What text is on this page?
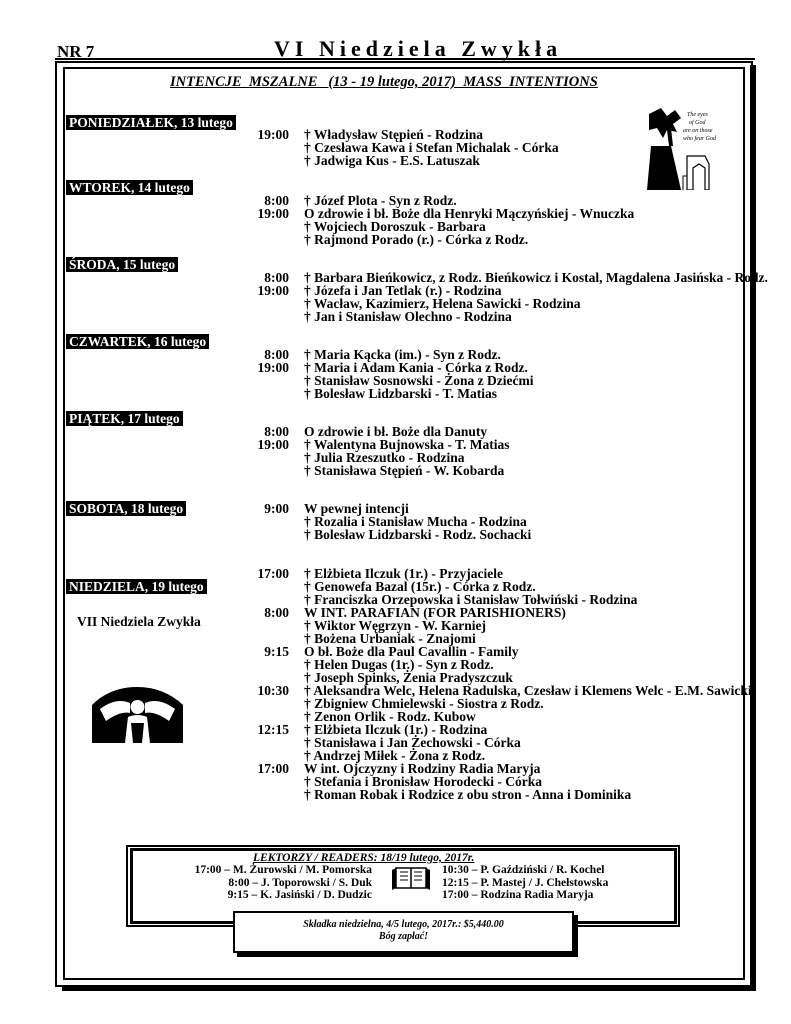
NR 7	VI Niedziela Zwykła
INTENCJE  MSZALNE   (13 - 19 lutego, 2017)  MASS  INTENTIONS
PONIEDZIAŁEK, 13 lutego
19:00 † Władysław Stępień - Rodzina
† Czesława Kawa i Stefan Michalak - Córka
† Jadwiga Kus - E.S. Latuszak
WTOREK, 14 lutego
8:00
19:00
† Józef Plota - Syn z Rodz.
O zdrowie i bł. Boże dla Henryki Mączyńskiej - Wnuczka
† Wojciech Doroszuk - Barbara
† Rajmond Porado (r.) - Córka z Rodz.
ŚRODA, 15 lutego
8:00
19:00
† Barbara Bieńkowicz, z Rodz. Bieńkowicz i Kostal, Magdalena Jasińska - Rodz.
† Józefa i Jan Tetlak (r.) - Rodzina
† Wacław, Kazimierz, Helena Sawicki - Rodzina
† Jan i Stanisław Olechno - Rodzina
CZWARTEK, 16 lutego
8:00
19:00
† Maria Kącka (im.) - Syn z Rodz.
† Maria i Adam Kania - Córka z Rodz.
† Stanisław Sosnowski - Żona z Dziećmi
† Bolesław Lidzbarski - T. Matias
PIĄTEK, 17 lutego
8:00
19:00
O zdrowie i bł. Boże dla Danuty
† Walentyna Bujnowska - T. Matias
† Julia Rzeszutko - Rodzina
† Stanisława Stępień - W. Kobarda
SOBOTA, 18 lutego	9:00 W pewnej intencji
† Rozalia i Stanisław Mucha - Rodzina
† Bolesław Lidzbarski - Rodz. Sochacki
NIEDZIELA, 19 lutego
VII Niedziela Zwykła
17:00
8:00
9:15
10:30
12:15
17:00
† Elżbieta Ilczuk (1r.) - Przyjaciele
† Genowefa Bazal (15r.) - Córka z Rodz.
† Franciszka Orzepowska i Stanisław Tołwiński - Rodzina
W INT. PARAFIAN (FOR PARISHIONERS)
† Wiktor Węgrzyn - W. Karniej
† Bożena Urbaniak - Znajomi
O bł. Boże dla Paul Cavallin - Family
† Helen Dugas (1r.) - Syn z Rodz.
† Joseph Spinks, Żenia Pradyszczuk
† Aleksandra Welc, Helena Radulska, Czesław i Klemens Welc - E.M. Sawicki
† Zbigniew Chmielewski - Siostra z Rodz.
† Zenon Orlik - Rodz. Kubow
† Elżbieta Ilczuk (1r.) - Rodzina
† Stanisława i Jan Żechowski - Córka
† Andrzej Miłek - Żona z Rodz.
W int. Ojczyzny i Rodziny Radia Maryja
† Stefania i Bronisław Horodecki - Córka
† Roman Robak i Rodzice z obu stron - Anna i Dominika
The eyes
of God
are on those
who fear God
LEKTORZY / READERS: 18/19 lutego, 2017r.
17:00 – M. Żurowski / M. Pomorska
8:00 – J. Toporowski / S. Duk
9:15 – K. Jasiński / D. Dudzic
10:30 – P. Gaździński / R. Kochel
12:15 – P. Mastej / J. Chełstowska
17:00 – Rodzina Radia Maryja
Składka niedzielna, 4/5 lutego, 2017r.: $5,440.00
Bóg zapłać!
